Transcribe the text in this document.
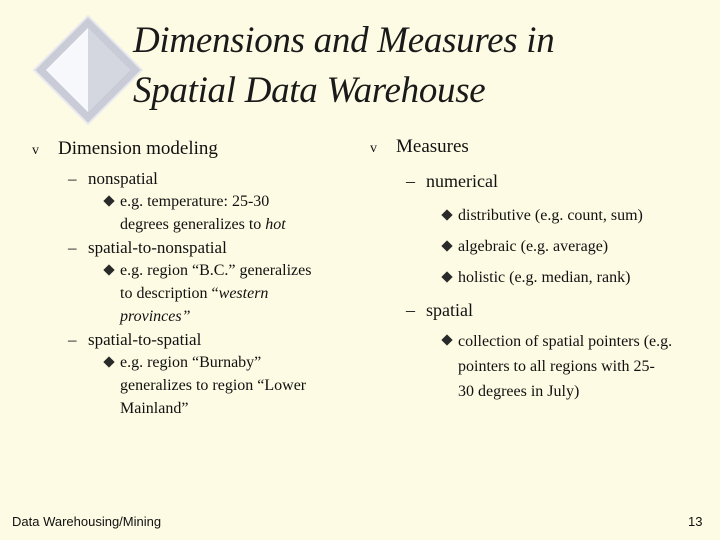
Dimensions and Measures in
Spatial Data Warehouse
v Dimension modeling
– nonspatial
e.g. temperature: 25-30
degrees generalizes to hot
– spatial-to-nonspatial
e.g. region “B.C.” generalizes
to description “western
provinces”
– spatial-to-spatial
e.g. region “Burnaby”
generalizes to region “Lower
Mainland”
v Measures
– numerical
distributive (e.g. count, sum)
algebraic (e.g. average)
holistic (e.g. median, rank)
– spatial
collection of spatial pointers (e.g.
pointers to all regions with 25-
30 degrees in July)
Data Warehousing/Mining	13
